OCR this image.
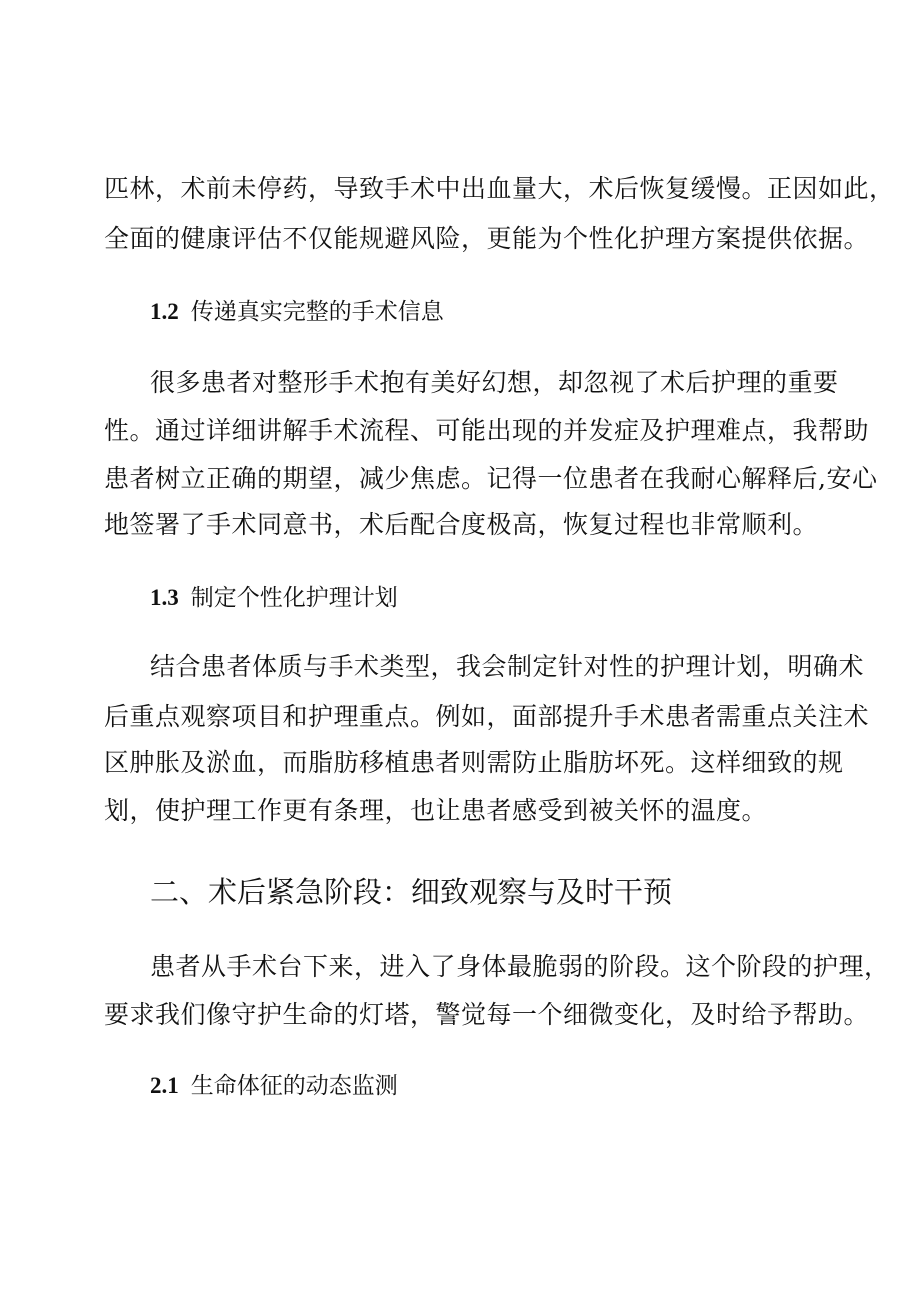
匹林，术前未停药，导致手术中出血量大，术后恢复缓慢。正因如此，
全面的健康评估不仅能规避风险，更能为个性化护理方案提供依据。
1.2 传递真实完整的手术信息
很多患者对整形手术抱有美好幻想，却忽视了术后护理的重要
性。通过详细讲解手术流程、可能出现的并发症及护理难点，我帮助
患者树立正确的期望，减少焦虑。记得一位患者在我耐心解释后,安心
地签署了手术同意书，术后配合度极高，恢复过程也非常顺利。
1.3 制定个性化护理计划
结合患者体质与手术类型，我会制定针对性的护理计划，明确术
后重点观察项目和护理重点。例如，面部提升手术患者需重点关注术
区肿胀及淤血，而脂肪移植患者则需防止脂肪坏死。这样细致的规
划，使护理工作更有条理，也让患者感受到被关怀的温度。
二、术后紧急阶段：细致观察与及时干预
患者从手术台下来，进入了身体最脆弱的阶段。这个阶段的护理，
要求我们像守护生命的灯塔，警觉每一个细微变化，及时给予帮助。
2.1 生命体征的动态监测
